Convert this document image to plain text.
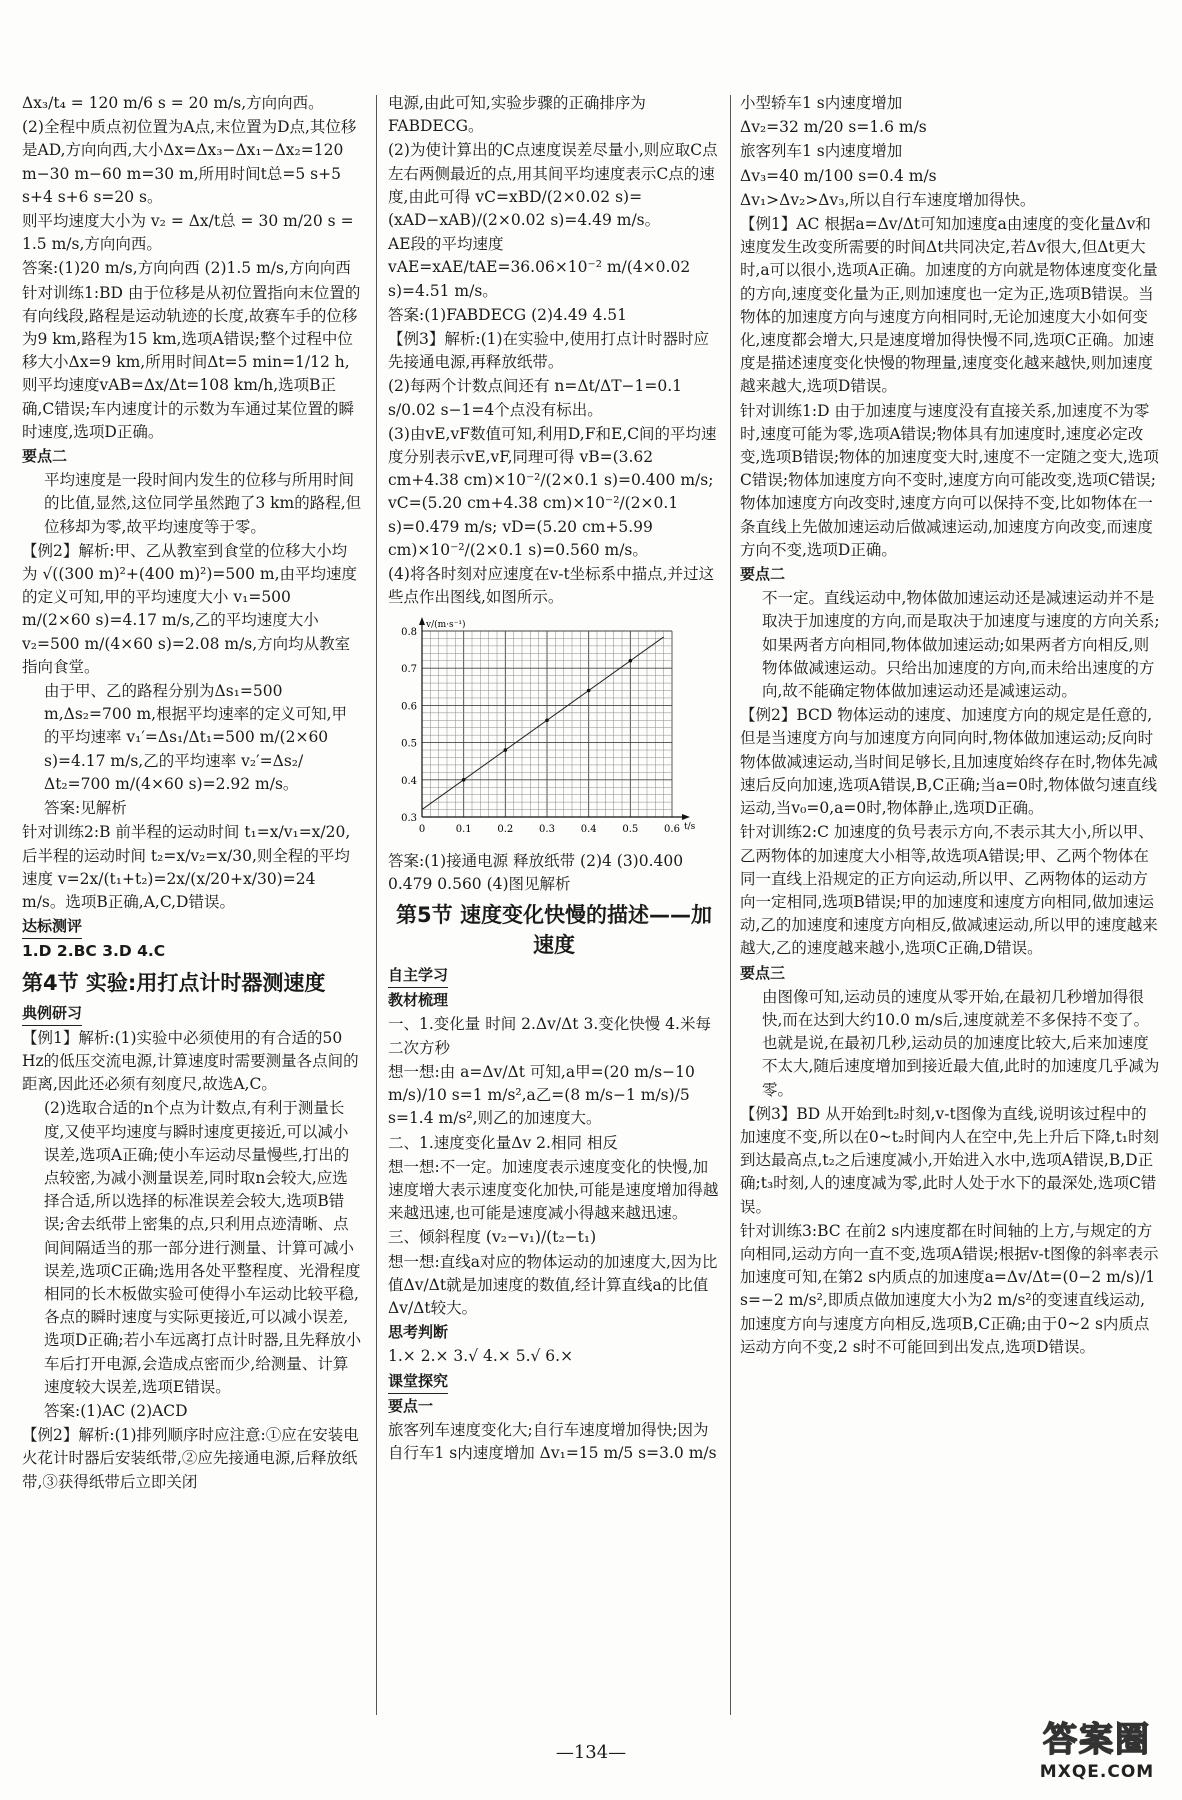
Δx₃/t₄ = 120 m/6 s = 20 m/s,方向向西。
(2)全程中质点初位置为A点,末位置为D点,其位移是AD,方向向西,大小Δx=Δx₃−Δx₁−Δx₂=120 m−30 m−60 m=30 m,所用时间t总=5 s+5 s+4 s+6 s=20 s。
则平均速度大小为 v₂ = Δx/t总 = 30 m/20 s = 1.5 m/s,方向向西。
答案:(1)20 m/s,方向向西 (2)1.5 m/s,方向向西
针对训练1:BD 由于位移是从初位置指向末位置的有向线段,路程是运动轨迹的长度,故赛车手的位移为9 km,路程为15 km,选项A错误;整个过程中位移大小Δx=9 km,所用时间Δt=5 min=1/12 h,则平均速度vAB=Δx/Δt=108 km/h,选项B正确,C错误;车内速度计的示数为车通过某位置的瞬时速度,选项D正确。
要点二
平均速度是一段时间内发生的位移与所用时间的比值,显然,这位同学虽然跑了3 km的路程,但位移却为零,故平均速度等于零。
【例2】解析:甲、乙从教室到食堂的位移大小均为 √((300 m)²+(400 m)²)=500 m,由平均速度的定义可知,甲的平均速度大小 v₁=500 m/(2×60 s)=4.17 m/s,乙的平均速度大小 v₂=500 m/(4×60 s)=2.08 m/s,方向均从教室指向食堂。
由于甲、乙的路程分别为Δs₁=500 m,Δs₂=700 m,根据平均速率的定义可知,甲的平均速率 v₁′=Δs₁/Δt₁=500 m/(2×60 s)=4.17 m/s,乙的平均速率 v₂′=Δs₂/Δt₂=700 m/(4×60 s)=2.92 m/s。
答案:见解析
针对训练2:B 前半程的运动时间 t₁=x/v₁=x/20,后半程的运动时间 t₂=x/v₂=x/30,则全程的平均速度 v=2x/(t₁+t₂)=2x/(x/20+x/30)=24 m/s。选项B正确,A,C,D错误。
达标测评
1.D 2.BC 3.D 4.C
第4节 实验:用打点计时器测速度
典例研习
【例1】解析:(1)实验中必须使用的有合适的50 Hz的低压交流电源,计算速度时需要测量各点间的距离,因此还必须有刻度尺,故选A,C。
(2)选取合适的n个点为计数点,有利于测量长度,又使平均速度与瞬时速度更接近,可以减小误差,选项A正确;使小车运动尽量慢些,打出的点较密,为减小测量误差,同时取n会较大,应选择合适,所以选择的标准误差会较大,选项B错误;舍去纸带上密集的点,只利用点迹清晰、点间间隔适当的那一部分进行测量、计算可减小误差,选项C正确;选用各处平整程度、光滑程度相同的长木板做实验可使得小车运动比较平稳,各点的瞬时速度与实际更接近,可以减小误差,选项D正确;若小车远离打点计时器,且先释放小车后打开电源,会造成点密而少,给测量、计算速度较大误差,选项E错误。
答案:(1)AC (2)ACD
【例2】解析:(1)排列顺序时应注意:①应在安装电火花计时器后安装纸带,②应先接通电源,后释放纸带,③获得纸带后立即关闭
电源,由此可知,实验步骤的正确排序为FABDECG。
(2)为使计算出的C点速度误差尽量小,则应取C点左右两侧最近的点,用其间平均速度表示C点的速度,由此可得 vC=xBD/(2×0.02 s)=(xAD−xAB)/(2×0.02 s)=4.49 m/s。
AE段的平均速度 vAE=xAE/tAE=36.06×10⁻² m/(4×0.02 s)=4.51 m/s。
答案:(1)FABDECG (2)4.49 4.51
【例3】解析:(1)在实验中,使用打点计时器时应先接通电源,再释放纸带。
(2)每两个计数点间还有 n=Δt/ΔT−1=0.1 s/0.02 s−1=4个点没有标出。
(3)由vE,vF数值可知,利用D,F和E,C间的平均速度分别表示vE,vF,同理可得 vB=(3.62 cm+4.38 cm)×10⁻²/(2×0.1 s)=0.400 m/s; vC=(5.20 cm+4.38 cm)×10⁻²/(2×0.1 s)=0.479 m/s; vD=(5.20 cm+5.99 cm)×10⁻²/(2×0.1 s)=0.560 m/s。
(4)将各时刻对应速度在v-t坐标系中描点,并过这些点作出图线,如图所示。
0	0.1	0.2	0.3	0.4	0.5	0.6
0.3
0.4
0.5
0.6
0.7
0.8
v/(m·s⁻¹)
t/s
答案:(1)接通电源 释放纸带 (2)4 (3)0.400 0.479 0.560 (4)图见解析
第5节 速度变化快慢的描述——加速度
自主学习
教材梳理
一、1.变化量 时间 2.Δv/Δt 3.变化快慢 4.米每二次方秒
想一想:由 a=Δv/Δt 可知,a甲=(20 m/s−10 m/s)/10 s=1 m/s²,a乙=(8 m/s−1 m/s)/5 s=1.4 m/s²,则乙的加速度大。
二、1.速度变化量Δv 2.相同 相反
想一想:不一定。加速度表示速度变化的快慢,加速度增大表示速度变化加快,可能是速度增加得越来越迅速,也可能是速度减小得越来越迅速。
三、倾斜程度 (v₂−v₁)/(t₂−t₁)
想一想:直线a对应的物体运动的加速度大,因为比值Δv/Δt就是加速度的数值,经计算直线a的比值Δv/Δt较大。
思考判断
1.× 2.× 3.√ 4.× 5.√ 6.×
课堂探究
要点一
旅客列车速度变化大;自行车速度增加得快;因为自行车1 s内速度增加 Δv₁=15 m/5 s=3.0 m/s
小型轿车1 s内速度增加
Δv₂=32 m/20 s=1.6 m/s
旅客列车1 s内速度增加
Δv₃=40 m/100 s=0.4 m/s
Δv₁>Δv₂>Δv₃,所以自行车速度增加得快。
【例1】AC 根据a=Δv/Δt可知加速度a由速度的变化量Δv和速度发生改变所需要的时间Δt共同决定,若Δv很大,但Δt更大时,a可以很小,选项A正确。加速度的方向就是物体速度变化量的方向,速度变化量为正,则加速度也一定为正,选项B错误。当物体的加速度方向与速度方向相同时,无论加速度大小如何变化,速度都会增大,只是速度增加得快慢不同,选项C正确。加速度是描述速度变化快慢的物理量,速度变化越来越快,则加速度越来越大,选项D错误。
针对训练1:D 由于加速度与速度没有直接关系,加速度不为零时,速度可能为零,选项A错误;物体具有加速度时,速度必定改变,选项B错误;物体的加速度变大时,速度不一定随之变大,选项C错误;物体加速度方向不变时,速度方向可能改变,选项C错误;物体加速度方向改变时,速度方向可以保持不变,比如物体在一条直线上先做加速运动后做减速运动,加速度方向改变,而速度方向不变,选项D正确。
要点二
不一定。直线运动中,物体做加速运动还是减速运动并不是取决于加速度的方向,而是取决于加速度与速度的方向关系;如果两者方向相同,物体做加速运动;如果两者方向相反,则物体做减速运动。只给出加速度的方向,而未给出速度的方向,故不能确定物体做加速运动还是减速运动。
【例2】BCD 物体运动的速度、加速度方向的规定是任意的,但是当速度方向与加速度方向同向时,物体做加速运动;反向时物体做减速运动,当时间足够长,且加速度始终存在时,物体先减速后反向加速,选项A错误,B,C正确;当a=0时,物体做匀速直线运动,当v₀=0,a=0时,物体静止,选项D正确。
针对训练2:C 加速度的负号表示方向,不表示其大小,所以甲、乙两物体的加速度大小相等,故选项A错误;甲、乙两个物体在同一直线上沿规定的正方向运动,所以甲、乙两物体的运动方向一定相同,选项B错误;甲的加速度和速度方向相同,做加速运动,乙的加速度和速度方向相反,做减速运动,所以甲的速度越来越大,乙的速度越来越小,选项C正确,D错误。
要点三
由图像可知,运动员的速度从零开始,在最初几秒增加得很快,而在达到大约10.0 m/s后,速度就差不多保持不变了。也就是说,在最初几秒,运动员的加速度比较大,后来加速度不太大,随后速度增加到接近最大值,此时的加速度几乎减为零。
【例3】BD 从开始到t₂时刻,v-t图像为直线,说明该过程中的加速度不变,所以在0~t₂时间内人在空中,先上升后下降,t₁时刻到达最高点,t₂之后速度减小,开始进入水中,选项A错误,B,D正确;t₃时刻,人的速度减为零,此时人处于水下的最深处,选项C错误。
针对训练3:BC 在前2 s内速度都在时间轴的上方,与规定的方向相同,运动方向一直不变,选项A错误;根据v-t图像的斜率表示加速度可知,在第2 s内质点的加速度a=Δv/Δt=(0−2 m/s)/1 s=−2 m/s²,即质点做加速度大小为2 m/s²的变速直线运动,加速度方向与速度方向相反,选项B,C正确;由于0~2 s内质点运动方向不变,2 s时不可能回到出发点,选项D错误。
—134—	答案圈
MXQE.COM
